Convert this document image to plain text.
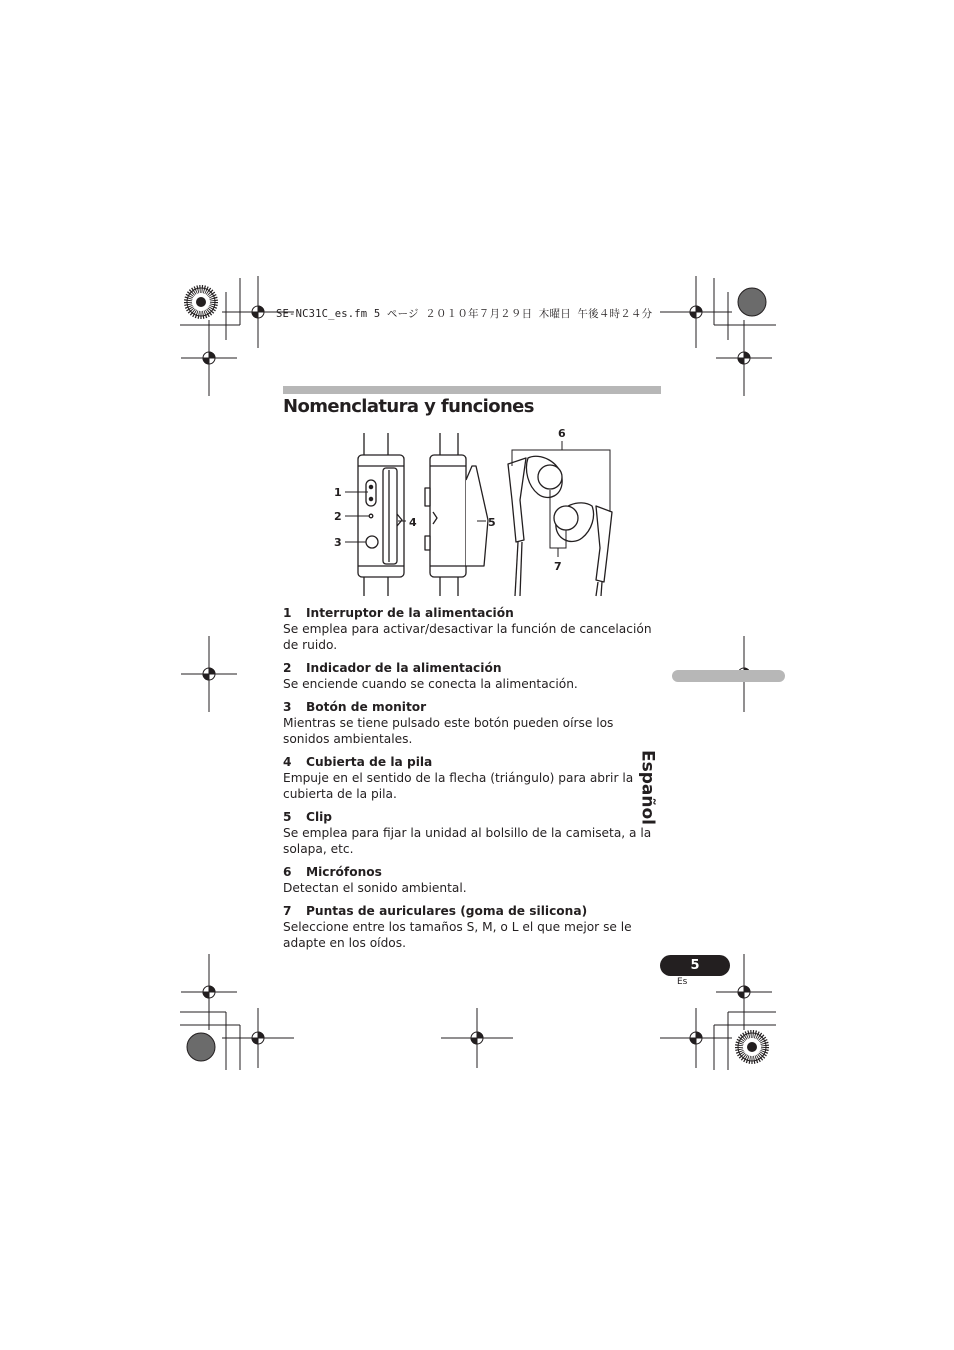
SE-NC31C_es.fm 5 ページ ２０１０年７月２９日 木曜日 午後４時２４分
Nomenclatura y funciones
1
2
3
4	5
6
7
1 Interruptor de la alimentación
Se emplea para activar/desactivar la función de cancelación de ruido.
2 Indicador de la alimentación
Se enciende cuando se conecta la alimentación.
3 Botón de monitor
Mientras se tiene pulsado este botón pueden oírse los sonidos ambientales.
4 Cubierta de la pila
Empuje en el sentido de la flecha (triángulo) para abrir la cubierta de la pila.
5 Clip
Se emplea para fijar la unidad al bolsillo de la camiseta, a la solapa, etc.
6 Micrófonos
Detectan el sonido ambiental.
7 Puntas de auriculares (goma de silicona)
Seleccione entre los tamaños S, M, o L el que mejor se le adapte en los oídos.
Español
5
Es
